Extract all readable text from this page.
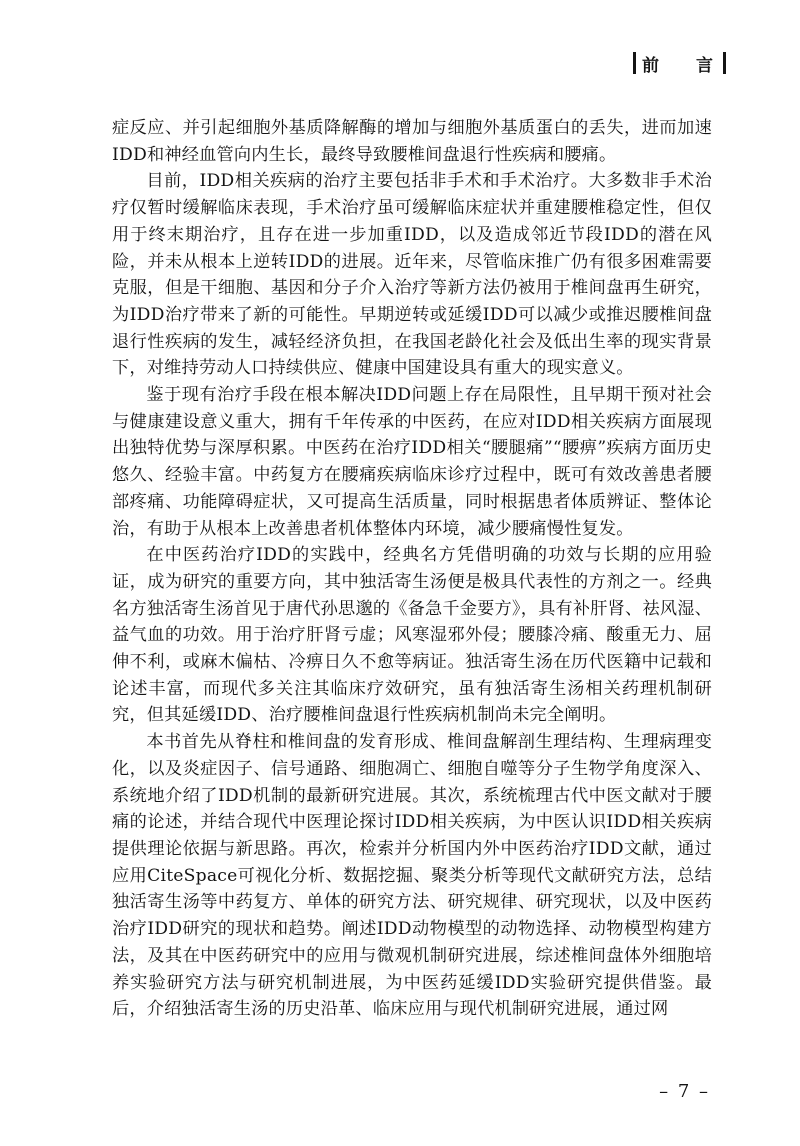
前　言

症反应、并引起细胞外基质降解酶的增加与细胞外基质蛋白的丢失，进而加速IDD和神经血管向内生长，最终导致腰椎间盘退行性疾病和腰痛。

目前，IDD相关疾病的治疗主要包括非手术和手术治疗。大多数非手术治疗仅暂时缓解临床表现，手术治疗虽可缓解临床症状并重建腰椎稳定性，但仅用于终末期治疗，且存在进一步加重IDD，以及造成邻近节段IDD的潜在风险，并未从根本上逆转IDD的进展。近年来，尽管临床推广仍有很多困难需要克服，但是干细胞、基因和分子介入治疗等新方法仍被用于椎间盘再生研究，为IDD治疗带来了新的可能性。早期逆转或延缓IDD可以减少或推迟腰椎间盘退行性疾病的发生，减轻经济负担，在我国老龄化社会及低出生率的现实背景下，对维持劳动人口持续供应、健康中国建设具有重大的现实意义。

鉴于现有治疗手段在根本解决IDD问题上存在局限性，且早期干预对社会与健康建设意义重大，拥有千年传承的中医药，在应对IDD相关疾病方面展现出独特优势与深厚积累。中医药在治疗IDD相关“腰腿痛”“腰痹”疾病方面历史悠久、经验丰富。中药复方在腰痛疾病临床诊疗过程中，既可有效改善患者腰部疼痛、功能障碍症状，又可提高生活质量，同时根据患者体质辨证、整体论治，有助于从根本上改善患者机体整体内环境，减少腰痛慢性复发。

在中医药治疗IDD的实践中，经典名方凭借明确的功效与长期的应用验证，成为研究的重要方向，其中独活寄生汤便是极具代表性的方剂之一。经典名方独活寄生汤首见于唐代孙思邈的《备急千金要方》，具有补肝肾、祛风湿、益气血的功效。用于治疗肝肾亏虚；风寒湿邪外侵；腰膝冷痛、酸重无力、屈伸不利，或麻木偏枯、冷痹日久不愈等病证。独活寄生汤在历代医籍中记载和论述丰富，而现代多关注其临床疗效研究，虽有独活寄生汤相关药理机制研究，但其延缓IDD、治疗腰椎间盘退行性疾病机制尚未完全阐明。

本书首先从脊柱和椎间盘的发育形成、椎间盘解剖生理结构、生理病理变化，以及炎症因子、信号通路、细胞凋亡、细胞自噬等分子生物学角度深入、系统地介绍了IDD机制的最新研究进展。其次，系统梳理古代中医文献对于腰痛的论述，并结合现代中医理论探讨IDD相关疾病，为中医认识IDD相关疾病提供理论依据与新思路。再次，检索并分析国内外中医药治疗IDD文献，通过应用CiteSpace可视化分析、数据挖掘、聚类分析等现代文献研究方法，总结独活寄生汤等中药复方、单体的研究方法、研究规律、研究现状，以及中医药治疗IDD研究的现状和趋势。阐述IDD动物模型的动物选择、动物模型构建方法，及其在中医药研究中的应用与微观机制研究进展，综述椎间盘体外细胞培养实验研究方法与研究机制进展，为中医药延缓IDD实验研究提供借鉴。最后，介绍独活寄生汤的历史沿革、临床应用与现代机制研究进展，通过网

– 7 –
